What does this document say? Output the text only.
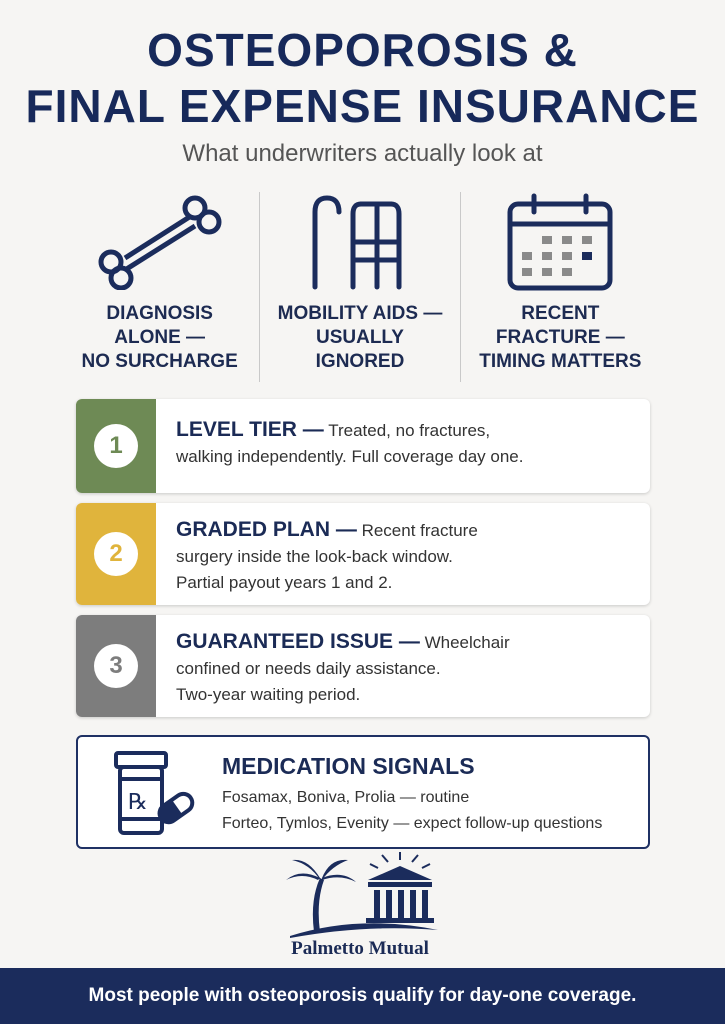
OSTEOPOROSIS &
FINAL EXPENSE INSURANCE
What underwriters actually look at
DIAGNOSIS
ALONE —
NO SURCHARGE
MOBILITY AIDS —
USUALLY
IGNORED
RECENT
FRACTURE —
TIMING MATTERS
1
LEVEL TIER — Treated, no fractures,
walking independently. Full coverage day one.
2
GRADED PLAN — Recent fracture
surgery inside the look-back window.
Partial payout years 1 and 2.
3
GUARANTEED ISSUE — Wheelchair
confined or needs daily assistance.
Two-year waiting period.
℞
MEDICATION SIGNALS
Fosamax, Boniva, Prolia — routine
Forteo, Tymlos, Evenity — expect follow-up questions
Palmetto Mutual
Most people with osteoporosis qualify for day-one coverage.
